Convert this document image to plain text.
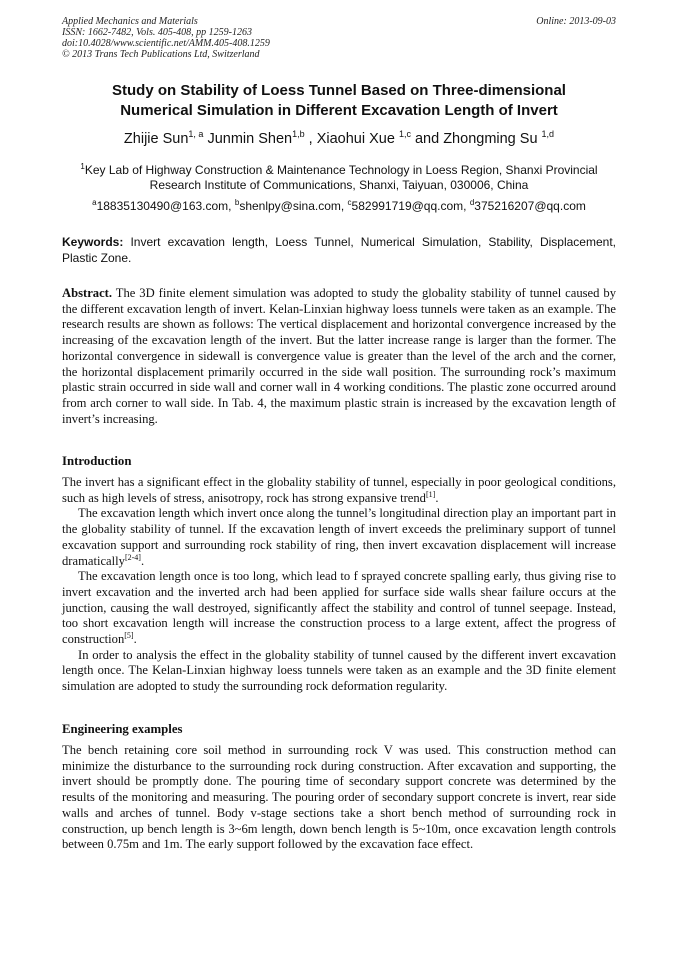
Applied Mechanics and Materials
ISSN: 1662-7482, Vols. 405-408, pp 1259-1263
doi:10.4028/www.scientific.net/AMM.405-408.1259
© 2013 Trans Tech Publications Ltd, Switzerland
Online: 2013-09-03
Study on Stability of Loess Tunnel Based on Three-dimensional
Numerical Simulation in Different Excavation Length of Invert
Zhijie Sun$^{1, a}$ Junmin Shen$^{1,b}$ , Xiaohui Xue $^{1,c}$ and Zhongming Su $^{1,d}$
$^1$Key Lab of Highway Construction & Maintenance Technology in Loess Region, Shanxi Provincial
Research Institute of Communications, Shanxi, Taiyuan, 030006, China
$^a$18835130490@163.com, $^b$shenlpy@sina.com, $^c$582991719@qq.com, $^d$375216207@qq.com
Keywords: Invert excavation length, Loess Tunnel, Numerical Simulation, Stability, Displacement, Plastic Zone.

Abstract. The 3D finite element simulation was adopted to study the globality stability of tunnel caused by the different excavation length of invert. Kelan-Linxian highway loess tunnels were taken as an example. The research results are shown as follows: The vertical displacement and horizontal convergence increased by the increasing of the excavation length of the invert. But the latter increase range is larger than the former. The horizontal convergence in sidewall is convergence value is greater than the level of the arch and the corner, the horizontal displacement primarily occurred in the side wall position. The surrounding rock’s maximum plastic strain occurred in side wall and corner wall in 4 working conditions. The plastic zone occurred around from arch corner to wall side. In Tab. 4, the maximum plastic strain is increased by the excavation length of invert’s increasing.

Introduction

The invert has a significant effect in the globality stability of tunnel, especially in poor geological conditions, such as high levels of stress, anisotropy, rock has strong expansive trend[1].

The excavation length which invert once along the tunnel’s longitudinal direction play an important part in the globality stability of tunnel. If the excavation length of invert exceeds the preliminary support of tunnel excavation support and surrounding rock stability of ring, then invert excavation displacement will increase dramatically[2-4].

The excavation length once is too long, which lead to f sprayed concrete spalling early, thus giving rise to invert excavation and the inverted arch had been applied for surface side walls shear failure occurs at the junction, causing the wall destroyed, significantly affect the stability and control of tunnel seepage. Instead, too short excavation length will increase the construction process to a large extent, affect the progress of construction[5].

In order to analysis the effect in the globality stability of tunnel caused by the different invert excavation length once. The Kelan-Linxian highway loess tunnels were taken as an example and the 3D finite element simulation are adopted to study the surrounding rock deformation regularity.

Engineering examples

The bench retaining core soil method in surrounding rock V was used. This construction method can minimize the disturbance to the surrounding rock during construction. After excavation and supporting, the invert should be promptly done. The pouring time of secondary support concrete was determined by the results of the monitoring and measuring. The pouring order of secondary support concrete is invert, rear side walls and arches of tunnel. Body v-stage sections take a short bench method of surrounding rock in construction, up bench length is 3~6m length, down bench length is 5~10m, once excavation length controls between 0.75m and 1m. The early support followed by the excavation face effect.
